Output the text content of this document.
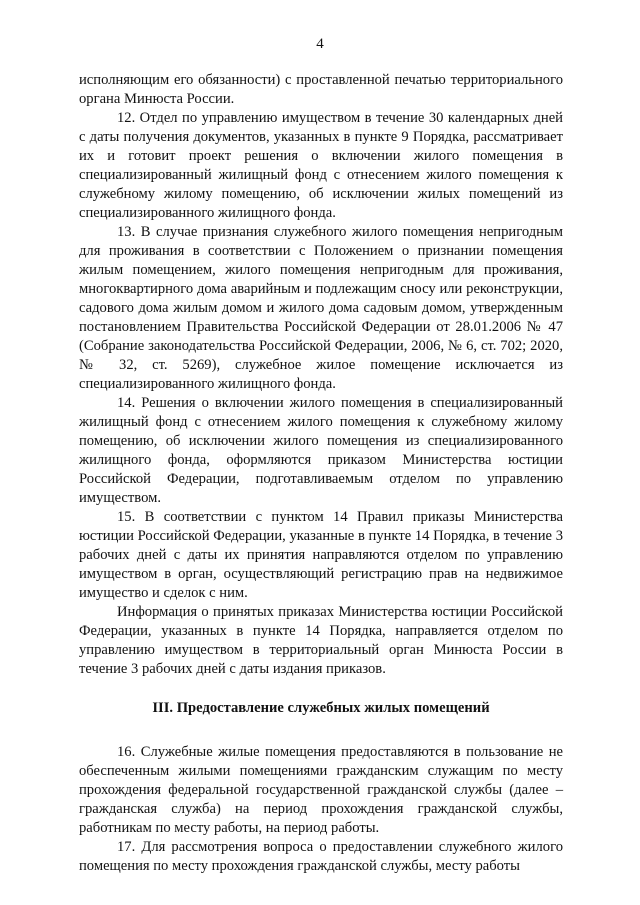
4

исполняющим его обязанности) с проставленной печатью территориального органа Минюста России.

12. Отдел по управлению имуществом в течение 30 календарных дней с даты получения документов, указанных в пункте 9 Порядка, рассматривает их и готовит проект решения о включении жилого помещения в специализированный жилищный фонд с отнесением жилого помещения к служебному жилому помещению, об исключении жилых помещений из специализированного жилищного фонда.

13. В случае признания служебного жилого помещения непригодным для проживания в соответствии с Положением о признании помещения жилым помещением, жилого помещения непригодным для проживания, многоквартирного дома аварийным и подлежащим сносу или реконструкции, садового дома жилым домом и жилого дома садовым домом, утвержденным постановлением Правительства Российской Федерации от 28.01.2006 № 47 (Собрание законодательства Российской Федерации, 2006, № 6, ст. 702; 2020, № 32, ст. 5269), служебное жилое помещение исключается из специализированного жилищного фонда.

14. Решения о включении жилого помещения в специализированный жилищный фонд с отнесением жилого помещения к служебному жилому помещению, об исключении жилого помещения из специализированного жилищного фонда, оформляются приказом Министерства юстиции Российской Федерации, подготавливаемым отделом по управлению имуществом.

15. В соответствии с пунктом 14 Правил приказы Министерства юстиции Российской Федерации, указанные в пункте 14 Порядка, в течение 3 рабочих дней с даты их принятия направляются отделом по управлению имуществом в орган, осуществляющий регистрацию прав на недвижимое имущество и сделок с ним.

Информация о принятых приказах Министерства юстиции Российской Федерации, указанных в пункте 14 Порядка, направляется отделом по управлению имуществом в территориальный орган Минюста России в течение 3 рабочих дней с даты издания приказов.

III. Предоставление служебных жилых помещений

16. Служебные жилые помещения предоставляются в пользование не обеспеченным жилыми помещениями гражданским служащим по месту прохождения федеральной государственной гражданской службы (далее – гражданская служба) на период прохождения гражданской службы, работникам по месту работы, на период работы.

17. Для рассмотрения вопроса о предоставлении служебного жилого помещения по месту прохождения гражданской службы, месту работы
